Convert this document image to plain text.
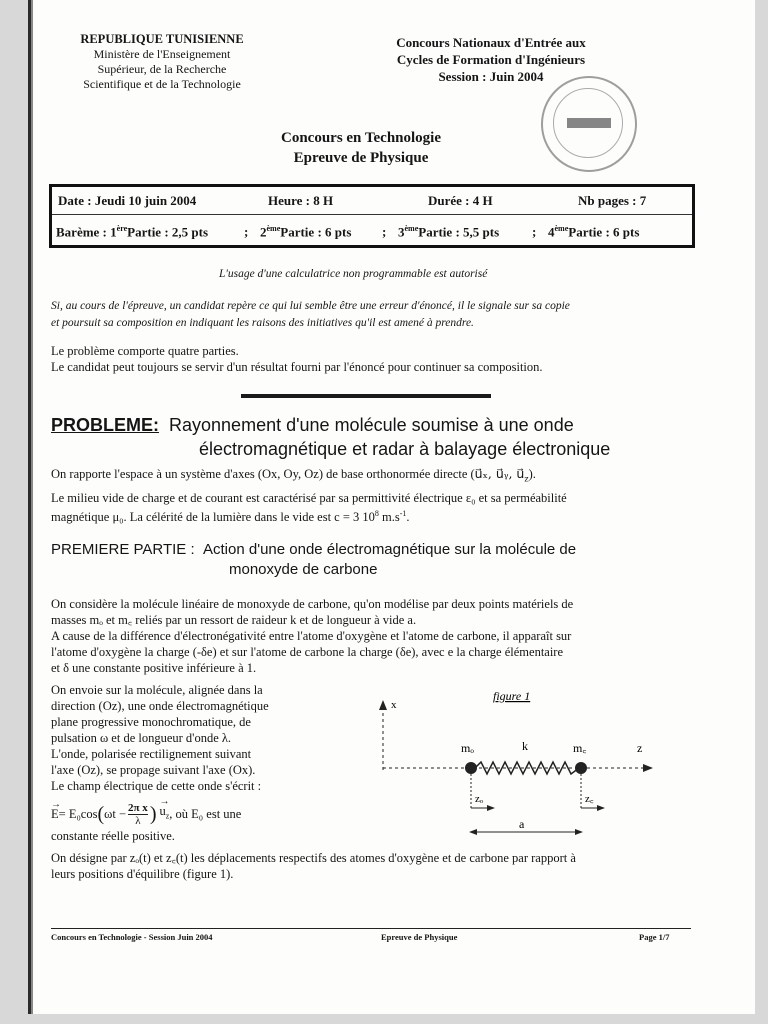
REPUBLIQUE TUNISIENNE
Ministère de l'Enseignement
Supérieur, de la Recherche
Scientifique et de la Technologie
Concours Nationaux d'Entrée aux
Cycles de Formation d'Ingénieurs
Session : Juin 2004
Concours en Technologie
Epreuve de Physique
Date : Jeudi 10 juin 2004	Heure : 8 H	Durée : 4 H	Nb pages : 7
Barème : 1èrePartie : 2,5 pts	; 2èmePartie : 6 pts ; 3èmePartie : 5,5 pts	; 4èmePartie : 6 pts
L'usage d'une calculatrice non programmable est autorisé
Si, au cours de l'épreuve, un candidat repère ce qui lui semble être une erreur d'énoncé, il le signale sur sa copie
et poursuit sa composition en indiquant les raisons des initiatives qu'il est amené à prendre.
Le problème comporte quatre parties.
Le candidat peut toujours se servir d'un résultat fourni par l'énoncé pour continuer sa composition.
PROBLEME: Rayonnement d'une molécule soumise à une onde
électromagnétique et radar à balayage électronique
On rapporte l'espace à un système d'axes (Ox, Oy, Oz) de base orthonormée directe (u⃗ₓ, u⃗ᵧ, $u⃗_z$).
Le milieu vide de charge et de courant est caractérisé par sa permittivité électrique ε₀ et sa perméabilité
magnétique μ₀. La célérité de la lumière dans le vide est c = 3 $10^8$ $m.s^{-1}$.
PREMIERE PARTIE : Action d'une onde électromagnétique sur la molécule de
monoxyde de carbone
On considère la molécule linéaire de monoxyde de carbone, qu'on modélise par deux points matériels de
masses mₒ et m꜀ reliés par un ressort de raideur k et de longueur à vide a.
A cause de la différence d'électronégativité entre l'atome d'oxygène et l'atome de carbone, il apparaît sur
l'atome d'oxygène la charge (-δe) et sur l'atome de carbone la charge (δe), avec e la charge élémentaire
et δ une constante positive inférieure à 1.
On envoie sur la molécule, alignée dans la
direction (Oz), une onde électromagnétique
plane progressive monochromatique, de
pulsation ω et de longueur d'onde λ.
L'onde, polarisée rectilignement suivant
l'axe (Oz), se propage suivant l'axe (Ox).
Le champ électrique de cette onde s'écrit :
→
E = E₀cos ( $\omega t - \frac{\text{2π x}}{\lambda}$ )
→
$u_z$ , où E₀ est une
constante réelle positive.
On désigne par zₒ(t) et z꜀(t) les déplacements respectifs des atomes d'oxygène et de carbone par rapport à
leurs positions d'équilibre (figure 1).
figure 1
x
z
mₒ	k	m꜀
zₒ	z꜀
a
Concours en Technologie - Session Juin 2004	Epreuve de Physique	Page 1/7
